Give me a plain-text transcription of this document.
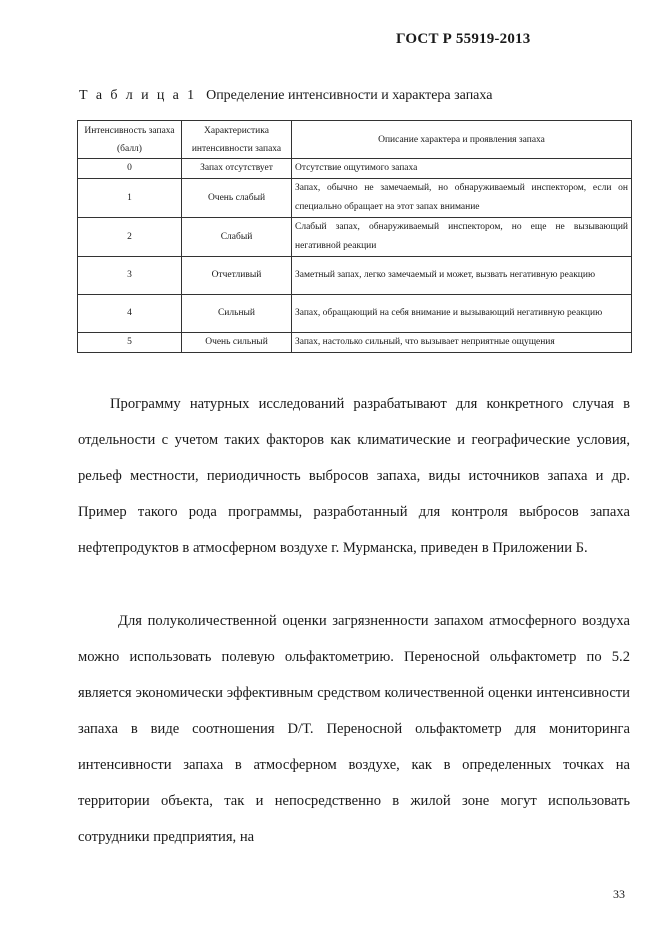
ГОСТ Р 55919-2013
Т а б л и ц а 1 Определение интенсивности и характера запаха
Интенсивность запаха (балл)	Характеристика интенсивности запаха	Описание характера и проявления запаха
0	Запах отсутствует	Отсутствие ощутимого запаха
1	Очень слабый	Запах, обычно не замечаемый, но обнаруживаемый инспектором, если он специально обращает на этот запах внимание
2	Слабый	Слабый запах, обнаруживаемый инспектором, но еще не вызывающий негативной реакции
3	Отчетливый	Заметный запах, легко замечаемый и может, вызвать негативную реакцию
4	Сильный	Запах, обращающий на себя внимание и вызывающий негативную реакцию
5	Очень сильный	Запах, настолько сильный, что вызывает неприятные ощущения

Программу натурных исследований разрабатывают для конкретного случая в отдельности с учетом таких факторов как климатические и географические условия, рельеф местности, периодичность выбросов запаха, виды источников запаха и др. Пример такого рода программы, разработанный для контроля выбросов запаха нефтепродуктов в атмосферном воздухе г. Мурманска, приведен в Приложении Б.

Для полуколичественной оценки загрязненности запахом атмосферного воздуха можно использовать полевую ольфактометрию. Переносной ольфактометр по 5.2 является экономически эффективным средством количественной оценки интенсивности запаха в виде соотношения D/T. Переносной ольфактометр для мониторинга интенсивности запаха в атмосферном воздухе, как в определенных точках на территории объекта, так и непосредственно в жилой зоне могут использовать сотрудники предприятия, на

33
